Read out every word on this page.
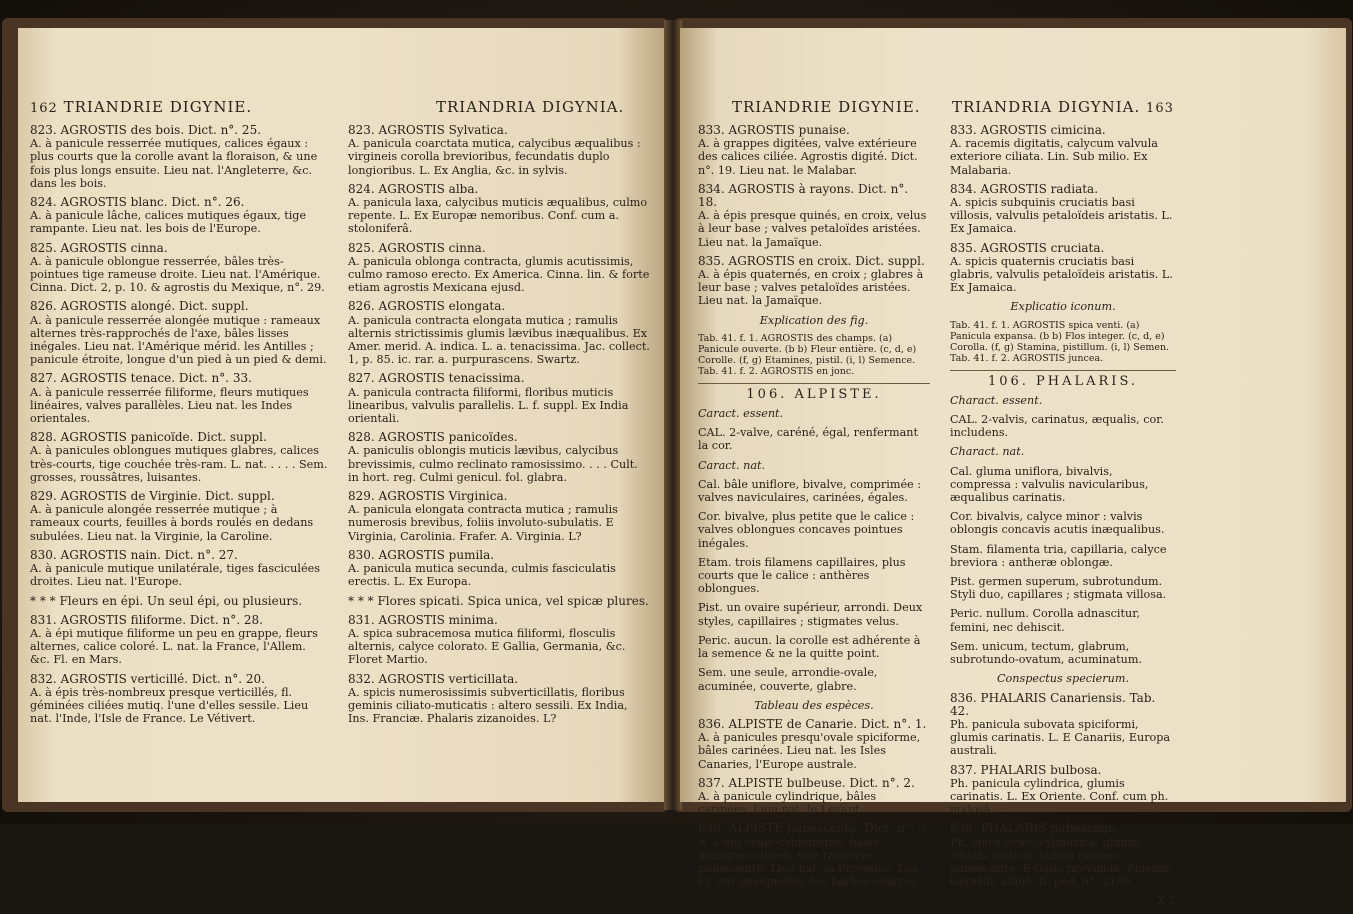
162 TRIANDRIE DIGYNIE.

823. AGROSTIS des bois. Dict. n°. 25.
A. à panicule resserrée mutiques, calices égaux : plus courts que la corolle avant la floraison, & une fois plus longs ensuite. Lieu nat. l'Angleterre, &c. dans les bois.

824. AGROSTIS blanc. Dict. n°. 26.
A. à panicule lâche, calices mutiques égaux, tige rampante. Lieu nat. les bois de l'Europe.

825. AGROSTIS cinna.
A. à panicule oblongue resserrée, bâles très-pointues tige rameuse droite. Lieu nat. l'Amérique. Cinna. Dict. 2, p. 10. & agrostis du Mexique, n°. 29.

826. AGROSTIS alongé. Dict. suppl.
A. à panicule resserrée alongée mutique : rameaux alternes très-rapprochés de l'axe, bâles lisses inégales. Lieu nat. l'Amérique mérid. les Antilles ; panicule étroite, longue d'un pied à un pied & demi.

827. AGROSTIS tenace. Dict. n°. 33.
A. à panicule resserrée filiforme, fleurs mutiques linéaires, valves parallèles. Lieu nat. les Indes orientales.

828. AGROSTIS panicoïde. Dict. suppl.
A. à panicules oblongues mutiques glabres, calices très-courts, tige couchée très-ram. L. nat. . . . . Sem. grosses, roussâtres, luisantes.

829. AGROSTIS de Virginie. Dict. suppl.
A. à panicule alongée resserrée mutique ; à rameaux courts, feuilles à bords roulés en dedans subulées. Lieu nat. la Virginie, la Caroline.

830. AGROSTIS nain. Dict. n°. 27.
A. à panicule mutique unilatérale, tiges fasciculées droites. Lieu nat. l'Europe.

* * * Fleurs en épi. Un seul épi, ou plusieurs.

831. AGROSTIS filiforme. Dict. n°. 28.
A. à épi mutique filiforme un peu en grappe, fleurs alternes, calice coloré. L. nat. la France, l'Allem. &c. Fl. en Mars.

832. AGROSTIS verticillé. Dict. n°. 20.
A. à épis très-nombreux presque verticillés, fl. géminées ciliées mutiq. l'une d'elles sessile. Lieu nat. l'Inde, l'Isle de France. Le Vétivert.

TRIANDRIA DIGYNIA.

823. AGROSTIS Sylvatica.
A. panicula coarctata mutica, calycibus æqualibus : virgineis corolla brevioribus, fecundatis duplo longioribus. L. Ex Anglia, &c. in sylvis.

824. AGROSTIS alba.
A. panicula laxa, calycibus muticis æqualibus, culmo repente. L. Ex Europæ nemoribus. Conf. cum a. stoloniferâ.

825. AGROSTIS cinna.
A. panicula oblonga contracta, glumis acutissimis, culmo ramoso erecto. Ex America. Cinna. lin. & forte etiam agrostis Mexicana ejusd.

826. AGROSTIS elongata.
A. panicula contracta elongata mutica ; ramulis alternis strictissimis glumis lævibus inæqualibus. Ex Amer. merid. A. indica. L. a. tenacissima. Jac. collect. 1, p. 85. ic. rar. a. purpurascens. Swartz.

827. AGROSTIS tenacissima.
A. panicula contracta filiformi, floribus muticis linearibus, valvulis parallelis. L. f. suppl. Ex India orientali.

828. AGROSTIS panicoïdes.
A. paniculis oblongis muticis lævibus, calycibus brevissimis, culmo reclinato ramosissimo. . . . Cult. in hort. reg. Culmi genicul. fol. glabra.

829. AGROSTIS Virginica.
A. panicula elongata contracta mutica ; ramulis numerosis brevibus, foliis involuto-subulatis. E Virginia, Carolinia. Frafer. A. Virginia. L?

830. AGROSTIS pumila.
A. panicula mutica secunda, culmis fasciculatis erectis. L. Ex Europa.

* * * Flores spicati. Spica unica, vel spicæ plures.

831. AGROSTIS minima.
A. spica subracemosa mutica filiformi, flosculis alternis, calyce colorato. E Gallia, Germania, &c. Floret Martio.

832. AGROSTIS verticillata.
A. spicis numerosissimis subverticillatis, floribus geminis ciliato-muticatis : altero sessili. Ex India, Ins. Franciæ. Phalaris zizanoides. L?

TRIANDRIE DIGYNIE.

833. AGROSTIS punaise.
A. à grappes digitées, valve extérieure des calices ciliée. Agrostis digité. Dict. n°. 19. Lieu nat. le Malabar.

834. AGROSTIS à rayons. Dict. n°. 18.
A. à épis presque quinés, en croix, velus à leur base ; valves petaloïdes aristées. Lieu nat. la Jamaïque.

835. AGROSTIS en croix. Dict. suppl.
A. à épis quaternés, en croix ; glabres à leur base ; valves petaloïdes aristées. Lieu nat. la Jamaïque.

Explication des fig.

Tab. 41. f. 1. AGROSTIS des champs. (a) Panicule ouverte. (b b) Fleur entière. (c, d, e) Corolle. (f, g) Etamines, pistil. (i, l) Semence. Tab. 41. f. 2. AGROSTIS en jonc.

106. ALPISTE.

Caract. essent.

CAL. 2-valve, caréné, égal, renfermant la cor.

Caract. nat.

Cal. bâle uniflore, bivalve, comprimée : valves naviculaires, carinées, égales.

Cor. bivalve, plus petite que le calice : valves oblongues concaves pointues inégales.

Etam. trois filamens capillaires, plus courts que le calice : anthères oblongues.

Pist. un ovaire supérieur, arrondi. Deux styles, capillaires ; stigmates velus.

Peric. aucun. la corolle est adhérente à la semence & ne la quitte point.

Sem. une seule, arrondie-ovale, acuminée, couverte, glabre.

Tableau des espèces.

836. ALPISTE de Canarie. Dict. n°. 1.
A. à panicules presqu'ovale spiciforme, bâles carinées. Lieu nat. les Isles Canaries, l'Europe australe.

837. ALPISTE bulbeuse. Dict. n°. 2.
A. à panicule cylindrique, bâles carinées. Lieu nat. le Levant.

838. ALPISTE pubescente. Dict. n°. 3.
A. à épi ovale-cylindrique, bâles mutiques ciliées, tige rameuse pubescente. Lieu nat. la Provence. Les Fl. ont quelquefois des barbes courtes.

TRIANDRIA DIGYNIA. 163

833. AGROSTIS cimicina.
A. racemis digitatis, calycum valvula exteriore ciliata. Lin. Sub milio. Ex Malabaria.

834. AGROSTIS radiata.
A. spicis subquinis cruciatis basi villosis, valvulis petaloïdeis aristatis. L. Ex Jamaica.

835. AGROSTIS cruciata.
A. spicis quaternis cruciatis basi glabris, valvulis petaloïdeis aristatis. L. Ex Jamaica.

Explicatio iconum.

Tab. 41. f. 1. AGROSTIS spica venti. (a) Panicula expansa. (b b) Flos integer. (c, d, e) Corolla. (f, g) Stamina, pistillum. (i, l) Semen. Tab. 41. f. 2. AGROSTIS juncea.

106. PHALARIS.

Charact. essent.

CAL. 2-valvis, carinatus, æqualis, cor. includens.

Charact. nat.

Cal. gluma uniflora, bivalvis, compressa : valvulis navicularibus, æqualibus carinatis.

Cor. bivalvis, calyce minor : valvis oblongis concavis acutis inæqualibus.

Stam. filamenta tria, capillaria, calyce breviora : antheræ oblongæ.

Pist. germen superum, subrotundum. Styli duo, capillares ; stigmata villosa.

Peric. nullum. Corolla adnascitur, femini, nec dehiscit.

Sem. unicum, tectum, glabrum, subrotundo-ovatum, acuminatum.

Conspectus specierum.

836. PHALARIS Canariensis. Tab. 42.
Ph. panicula subovata spiciformi, glumis carinatis. L. E Canariis, Europa australi.

837. PHALARIS bulbosa.
Ph. panicula cylindrica, glumis carinatis. L. Ex Oriente. Conf. cum ph. nodosâ.

838. PHALARIS pubescens.
Ph. spica ovato-cylindrica, glumis ciliatis muticis, culmo ramoso pubescente. E Gallo provincia. Phleum Gerardi. allion. fl. ped. n°. 2135.

X 2
